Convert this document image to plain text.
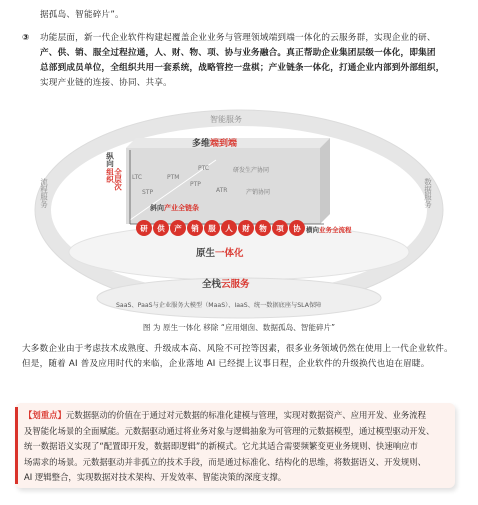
据孤岛、智能碎片”。
③ 功能层面，新一代企业软件构建起覆盖企业业务与管理领域端到端一体化的云服务群，实现企业的研、
产、供、销、服全过程拉通，人、财、物、项、协与业务融合。真正帮助企业集团层级一体化，即集团
总部到成员单位，全组织共用一套系统，战略管控一盘棋；产业链条一体化，打通企业内部到外部组织，
实现产业链的连接、协同、共享。
智能服务
流程服务	数据服务
多维端到端
纵向
组织 全层次 LTC	PTM
PTC	研发生产协同
STP
PTP
ATR	产销协同
斜向产业全链条
研 供 产 销 服 人 财 物 项 协 横向业务全流程
原生一体化
全栈云服务
SaaS、PaaS与企业服务大模型（MaaS）、IaaS、统一数据底座与SLA保障
图 为 原生一体化 移除 “应用烟囱、数据孤岛、智能碎片”
大多数企业由于考虑技术成熟度、升级成本高、风险不可控等因素，很多业务领域仍然在使用上一代企业软件。
但是，随着 AI 普及应用时代的来临，企业落地 AI 已经提上议事日程，企业软件的升级换代也迫在眉睫。
【划重点】元数据驱动的价值在于通过对元数据的标准化建模与管理，实现对数据资产、应用开发、业务流程
及智能化场景的全面赋能。元数据驱动通过将业务对象与逻辑抽象为可管理的元数据模型，通过模型驱动开发、
统一数据语义实现了“配置即开发，数据即逻辑”的新模式。它尤其适合需要频繁变更业务规则、快速响应市
场需求的场景。元数据驱动并非孤立的技术手段，而是通过标准化、结构化的思维，将数据语义、开发规则、
AI 逻辑整合，实现数据对技术架构、开发效率、智能决策的深度支撑。
